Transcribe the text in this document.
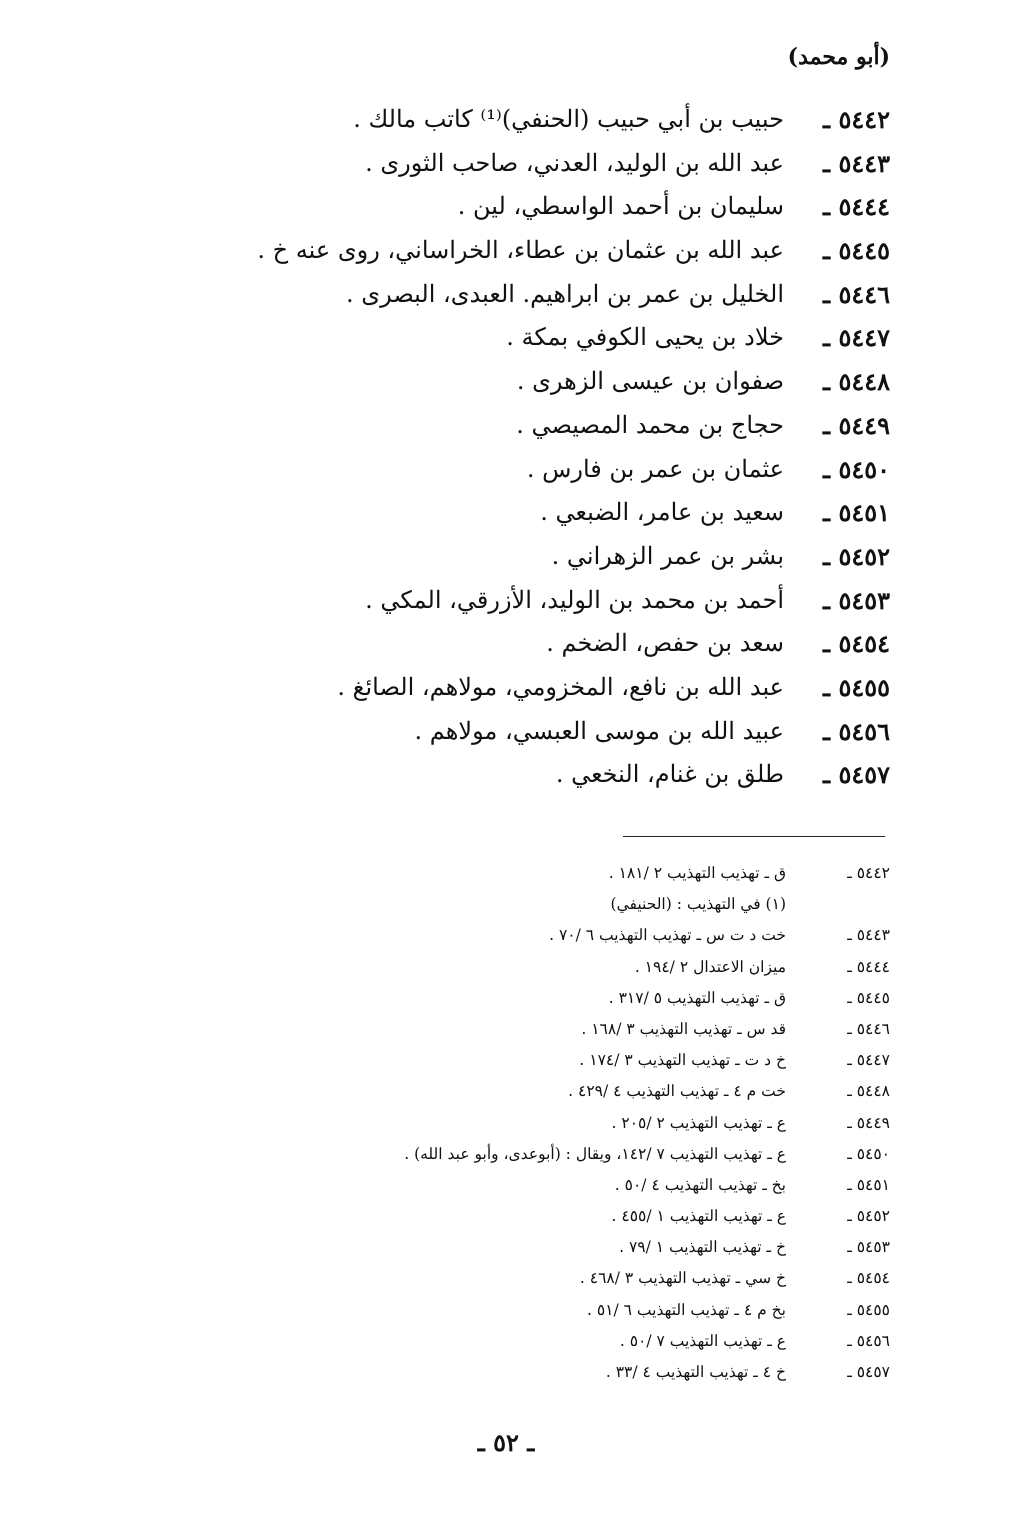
(أبو محمد)
٥٤٤٢ ـ
حبيب بن أبي حبيب (الحنفي)⁽¹⁾ كاتب مالك .
٥٤٤٣ ـ
عبد الله بن الوليد، العدني، صاحب الثورى .
٥٤٤٤ ـ
سليمان بن أحمد الواسطي، لين .
٥٤٤٥ ـ
عبد الله بن عثمان بن عطاء، الخراساني، روى عنه خ .
٥٤٤٦ ـ
الخليل بن عمر بن ابراهيم. العبدى، البصرى .
٥٤٤٧ ـ
خلاد بن يحيى الكوفي بمكة .
٥٤٤٨ ـ
صفوان بن عيسى الزهرى .
٥٤٤٩ ـ
حجاج بن محمد المصيصي .
٥٤٥٠ ـ
عثمان بن عمر بن فارس .
٥٤٥١ ـ
سعيد بن عامر، الضبعي .
٥٤٥٢ ـ
بشر بن عمر الزهراني .
٥٤٥٣ ـ
أحمد بن محمد بن الوليد، الأزرقي، المكي .
٥٤٥٤ ـ
سعد بن حفص، الضخم .
٥٤٥٥ ـ
عبد الله بن نافع، المخزومي، مولاهم، الصائغ .
٥٤٥٦ ـ
عبيد الله بن موسى العبسي، مولاهم .
٥٤٥٧ ـ
طلق بن غنام، النخعي .
٥٤٤٢ ـ
ق ـ تهذيب التهذيب ٢ /١٨١ .
(١) في التهذيب : (الحنيفي)
٥٤٤٣ ـ
خت د ت س ـ تهذيب التهذيب ٦ /٧٠ .
٥٤٤٤ ـ
ميزان الاعتدال ٢ /١٩٤ .
٥٤٤٥ ـ
ق ـ تهذيب التهذيب ٥ /٣١٧ .
٥٤٤٦ ـ
قد س ـ تهذيب التهذيب ٣ /١٦٨ .
٥٤٤٧ ـ
خ د ت ـ تهذيب التهذيب ٣ /١٧٤ .
٥٤٤٨ ـ
خت م ٤ ـ تهذيب التهذيب ٤ /٤٢٩ .
٥٤٤٩ ـ
ع ـ تهذيب التهذيب ٢ /٢٠٥ .
٥٤٥٠ ـ
ع ـ تهذيب التهذيب ٧ /١٤٢، ويقال : (أبوعدى، وأبو عبد الله) .
٥٤٥١ ـ
بخ ـ تهذيب التهذيب ٤ /٥٠ .
٥٤٥٢ ـ
ع ـ تهذيب التهذيب ١ /٤٥٥ .
٥٤٥٣ ـ
خ ـ تهذيب التهذيب ١ /٧٩ .
٥٤٥٤ ـ
خ سي ـ تهذيب التهذيب ٣ /٤٦٨ .
٥٤٥٥ ـ
بخ م ٤ ـ تهذيب التهذيب ٦ /٥١ .
٥٤٥٦ ـ
ع ـ تهذيب التهذيب ٧ /٥٠ .
٥٤٥٧ ـ
خ ٤ ـ تهذيب التهذيب ٤ /٣٣ .
ـ ٥٢ ـ
